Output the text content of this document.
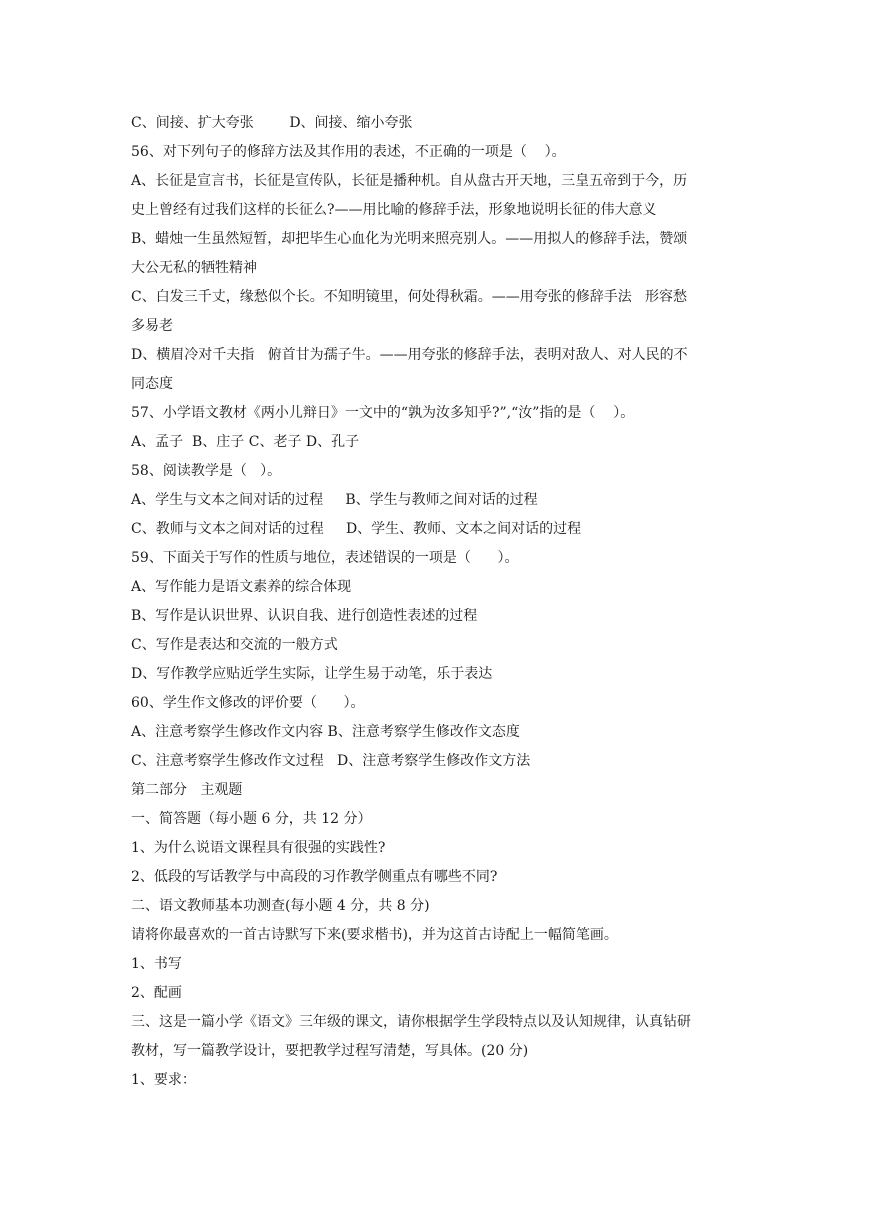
C、间接、扩大夸张        D、间接、缩小夸张
56、对下列句子的修辞方法及其作用的表述，不正确的一项是（    ）。
A、长征是宣言书，长征是宣传队，长征是播种机。自从盘古开天地，三皇五帝到于今，历
史上曾经有过我们这样的长征么?——用比喻的修辞手法，形象地说明长征的伟大意义
B、蜡烛一生虽然短暂，却把毕生心血化为光明来照亮别人。——用拟人的修辞手法，赞颂
大公无私的牺牲精神
C、白发三千丈，缘愁似个长。不知明镜里，何处得秋霜。——用夸张的修辞手法   形容愁
多易老
D、横眉冷对千夫指   俯首甘为孺子牛。——用夸张的修辞手法，表明对敌人、对人民的不
同态度
57、小学语文教材《两小儿辩日》一文中的“孰为汝多知乎?”,“汝”指的是（    ）。
A、孟子  B、庄子 C、老子 D、孔子
58、阅读教学是（   ）。
A、学生与文本之间对话的过程     B、学生与教师之间对话的过程
C、教师与文本之间对话的过程     D、学生、教师、文本之间对话的过程
59、下面关于写作的性质与地位，表述错误的一项是（      ）。
A、写作能力是语文素养的综合体现
B、写作是认识世界、认识自我、进行创造性表述的过程
C、写作是表达和交流的一般方式
D、写作教学应贴近学生实际，让学生易于动笔，乐于表达
60、学生作文修改的评价要（      ）。
A、注意考察学生修改作文内容 B、注意考察学生修改作文态度
C、注意考察学生修改作文过程   D、注意考察学生修改作文方法
第二部分   主观题
一、简答题（每小题 6 分，共 12 分）
1、为什么说语文课程具有很强的实践性?
2、低段的写话教学与中高段的习作教学侧重点有哪些不同?
二、语文教师基本功测查(每小题 4 分，共 8 分)
请将你最喜欢的一首古诗默写下来(要求楷书)，并为这首古诗配上一幅简笔画。
1、书写
2、配画
三、这是一篇小学《语文》三年级的课文，请你根据学生学段特点以及认知规律，认真钻研
教材，写一篇教学设计，要把教学过程写清楚，写具体。(20 分)
1、要求：
